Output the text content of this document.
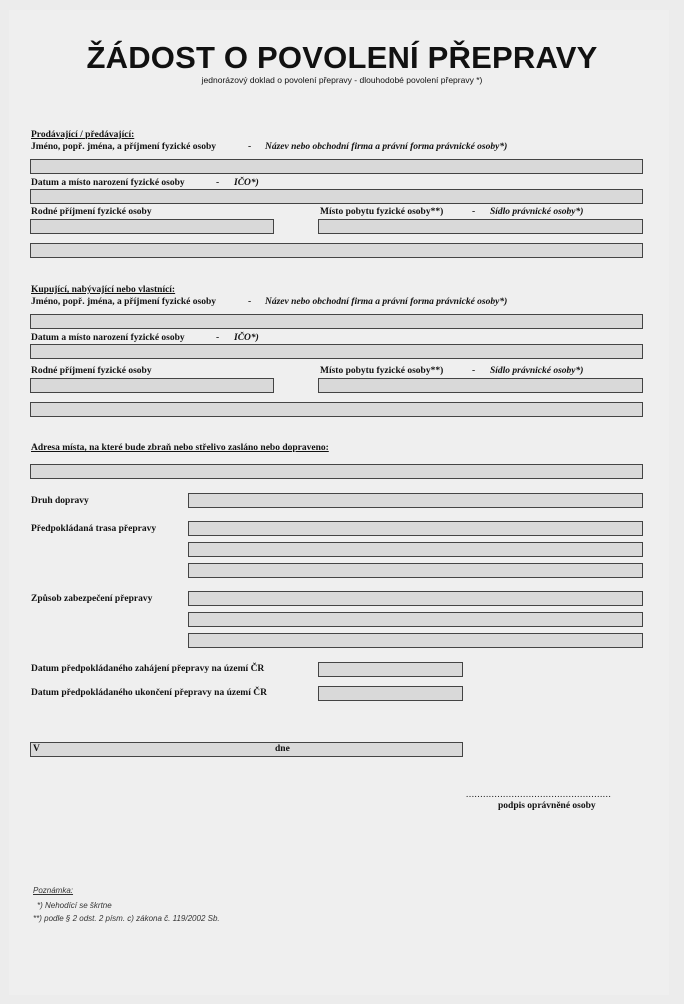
ŽÁDOST O POVOLENÍ PŘEPRAVY
jednorázový doklad o povolení přepravy - dlouhodobé povolení přepravy *)
Prodávající / předávající:
Jméno, popř. jména, a příjmení fyzické osoby	- Název nebo obchodní firma a právní forma právnické osoby*)
Datum a místo narození fyzické osoby	- IČO*)
Rodné příjmení fyzické osoby	Místo pobytu fyzické osoby**)	- Sídlo právnické osoby*)
Kupující, nabývající nebo vlastnící:
Jméno, popř. jména, a příjmení fyzické osoby	- Název nebo obchodní firma a právní forma právnické osoby*)
Datum a místo narození fyzické osoby	- IČO*)
Rodné příjmení fyzické osoby	Místo pobytu fyzické osoby**)	- Sídlo právnické osoby*)
Adresa místa, na které bude zbraň nebo střelivo zasláno nebo dopraveno:
Druh dopravy
Předpokládaná trasa přepravy
Způsob zabezpečení přepravy
Datum předpokládaného zahájení přepravy na území ČR
Datum předpokládaného ukončení přepravy na území ČR
V	dne
...................................................
podpis oprávněné osoby
Poznámka:
*) Nehodící se škrtne
**) podle § 2 odst. 2 písm. c) zákona č. 119/2002 Sb.
